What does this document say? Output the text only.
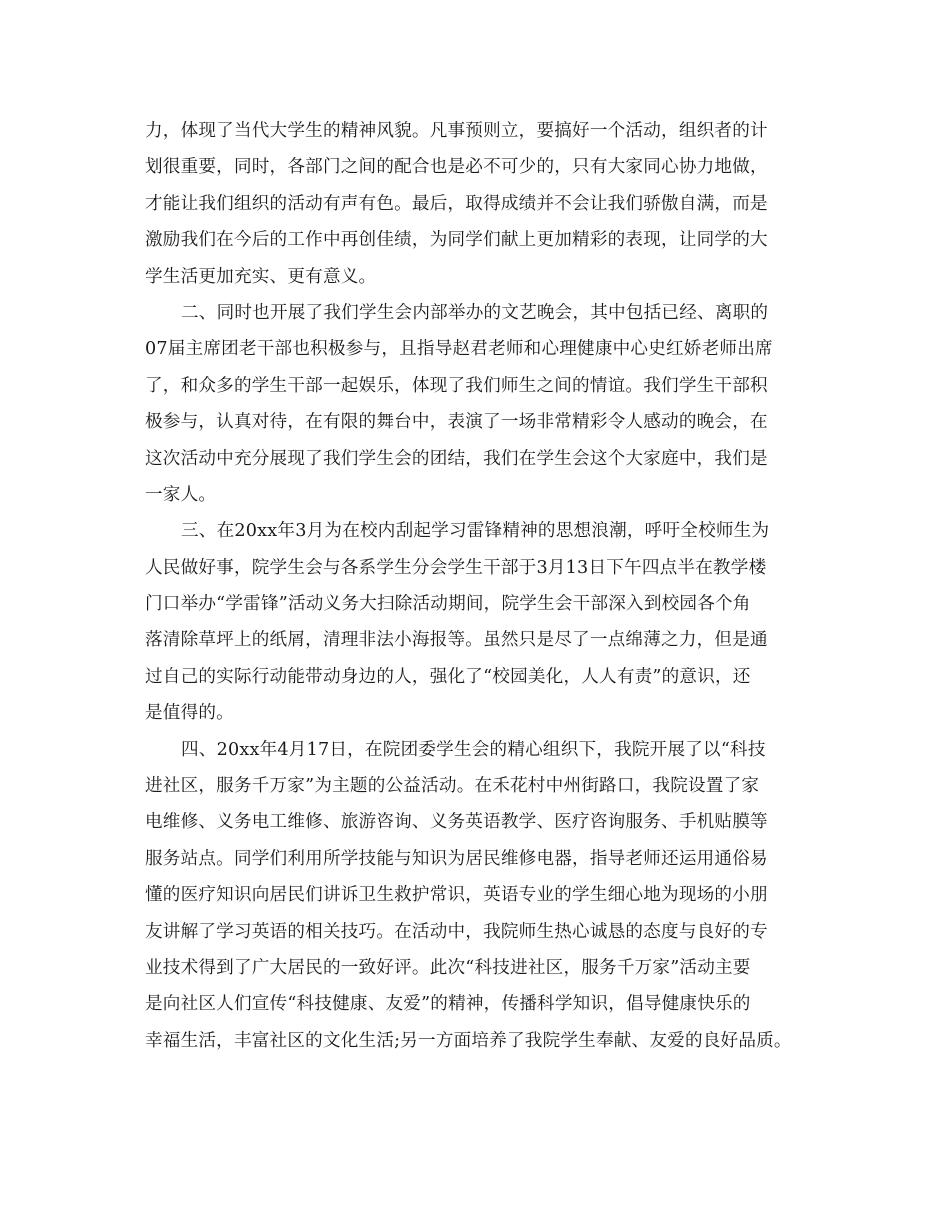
力，体现了当代大学生的精神风貌。凡事预则立，要搞好一个活动，组织者的计
划很重要，同时，各部门之间的配合也是必不可少的，只有大家同心协力地做，
才能让我们组织的活动有声有色。最后，取得成绩并不会让我们骄傲自满，而是
激励我们在今后的工作中再创佳绩，为同学们献上更加精彩的表现，让同学的大
学生活更加充实、更有意义。
二、同时也开展了我们学生会内部举办的文艺晚会，其中包括已经、离职的
07届主席团老干部也积极参与，且指导赵君老师和心理健康中心史红娇老师出席
了，和众多的学生干部一起娱乐，体现了我们师生之间的情谊。我们学生干部积
极参与，认真对待，在有限的舞台中，表演了一场非常精彩令人感动的晚会，在
这次活动中充分展现了我们学生会的团结，我们在学生会这个大家庭中，我们是
一家人。
三、在20xx年3月为在校内刮起学习雷锋精神的思想浪潮，呼吁全校师生为
人民做好事，院学生会与各系学生分会学生干部于3月13日下午四点半在教学楼
门口举办“学雷锋”活动义务大扫除活动期间，院学生会干部深入到校园各个角
落清除草坪上的纸屑，清理非法小海报等。虽然只是尽了一点绵薄之力，但是通
过自己的实际行动能带动身边的人，强化了“校园美化，人人有责”的意识，还
是值得的。
四、20xx年4月17日，在院团委学生会的精心组织下，我院开展了以“科技
进社区，服务千万家”为主题的公益活动。在禾花村中州街路口，我院设置了家
电维修、义务电工维修、旅游咨询、义务英语教学、医疗咨询服务、手机贴膜等
服务站点。同学们利用所学技能与知识为居民维修电器，指导老师还运用通俗易
懂的医疗知识向居民们讲诉卫生救护常识，英语专业的学生细心地为现场的小朋
友讲解了学习英语的相关技巧。在活动中，我院师生热心诚恳的态度与良好的专
业技术得到了广大居民的一致好评。此次“科技进社区，服务千万家”活动主要
是向社区人们宣传“科技健康、友爱”的精神，传播科学知识，倡导健康快乐的
幸福生活，丰富社区的文化生活;另一方面培养了我院学生奉献、友爱的良好品质。
